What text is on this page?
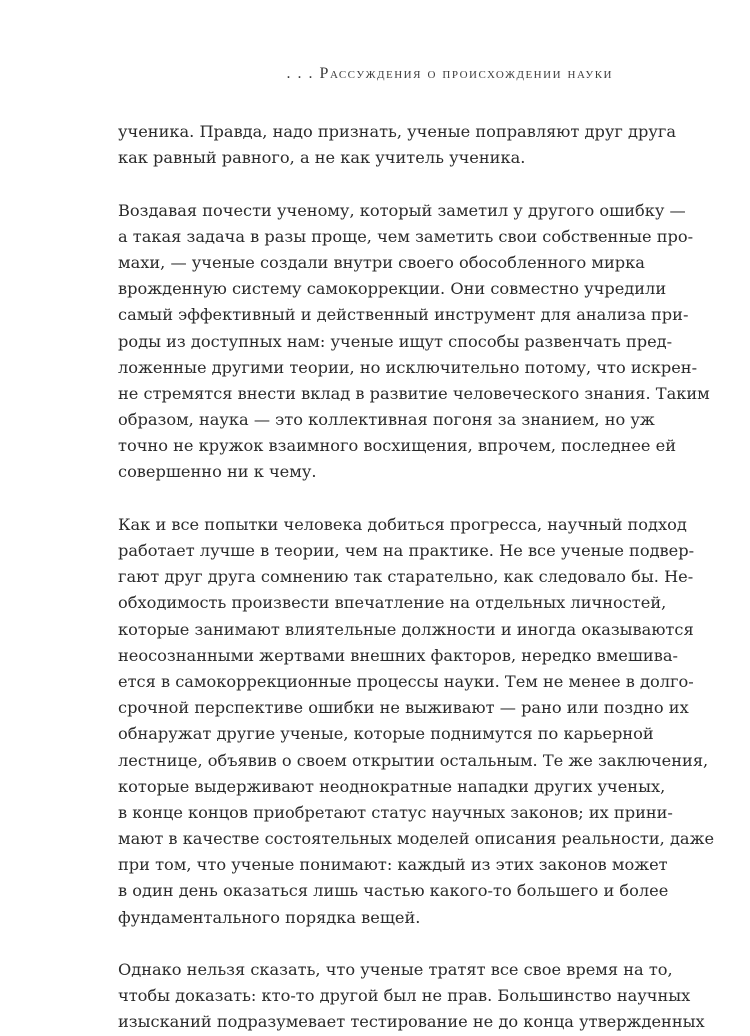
. . . Рассуждения о происхождении науки

ученика. Правда, надо признать, ученые поправляют друг друга
как равный равного, а не как учитель ученика.

Воздавая почести ученому, который заметил у другого ошибку —
а такая задача в разы проще, чем заметить свои собственные про-
махи, — ученые создали внутри своего обособленного мирка
врожденную систему самокоррекции. Они совместно учредили
самый эффективный и действенный инструмент для анализа при-
роды из доступных нам: ученые ищут способы развенчать пред-
ложенные другими теории, но исключительно потому, что искрен-
не стремятся внести вклад в развитие человеческого знания. Таким
образом, наука — это коллективная погоня за знанием, но уж
точно не кружок взаимного восхищения, впрочем, последнее ей
совершенно ни к чему.

Как и все попытки человека добиться прогресса, научный подход
работает лучше в теории, чем на практике. Не все ученые подвер-
гают друг друга сомнению так старательно, как следовало бы. Не-
обходимость произвести впечатление на отдельных личностей,
которые занимают влиятельные должности и иногда оказываются
неосознанными жертвами внешних факторов, нередко вмешива-
ется в самокоррекционные процессы науки. Тем не менее в долго-
срочной перспективе ошибки не выживают — рано или поздно их
обнаружат другие ученые, которые поднимутся по карьерной
лестнице, объявив о своем открытии остальным. Те же заключения,
которые выдерживают неоднократные нападки других ученых,
в конце концов приобретают статус научных законов; их прини-
мают в качестве состоятельных моделей описания реальности, даже
при том, что ученые понимают: каждый из этих законов может
в один день оказаться лишь частью какого-то большего и более
фундаментального порядка вещей.

Однако нельзя сказать, что ученые тратят все свое время на то,
чтобы доказать: кто-то другой был не прав. Большинство научных
изысканий подразумевает тестирование не до конца утвержденных
